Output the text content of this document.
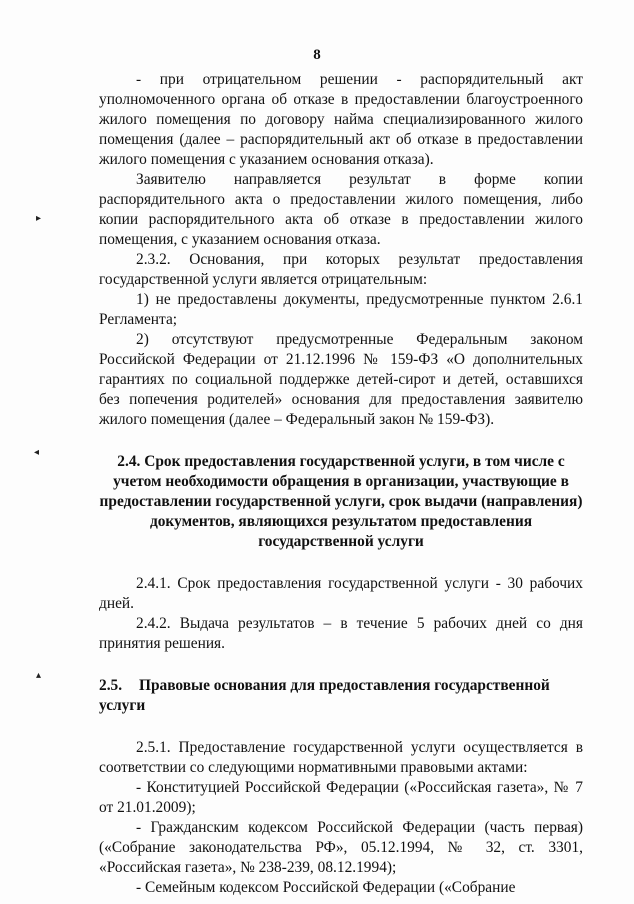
8
▸
◂
▴

- при отрицательном решении - распорядительный акт уполномоченного органа об отказе в предоставлении благоустроенного жилого помещения по договору найма специализированного жилого помещения (далее – распорядительный акт об отказе в предоставлении жилого помещения с указанием основания отказа).

Заявителю направляется результат в форме копии распорядительного акта о предоставлении жилого помещения, либо копии распорядительного акта об отказе в предоставлении жилого помещения, с указанием основания отказа.

2.3.2. Основания, при которых результат предоставления государственной услуги является отрицательным:

1) не предоставлены документы, предусмотренные пунктом 2.6.1 Регламента;

2) отсутствуют предусмотренные Федеральным законом Российской Федерации от 21.12.1996 № 159-ФЗ «О дополнительных гарантиях по социальной поддержке детей-сирот и детей, оставшихся без попечения родителей» основания для предоставления заявителю жилого помещения (далее – Федеральный закон № 159-ФЗ).

2.4. Срок предоставления государственной услуги, в том числе с учетом необходимости обращения в организации, участвующие в предоставлении государственной услуги, срок выдачи (направления) документов, являющихся результатом предоставления государственной услуги

2.4.1. Срок предоставления государственной услуги - 30 рабочих дней.

2.4.2. Выдача результатов – в течение 5 рабочих дней со дня принятия решения.

2.5. Правовые основания для предоставления государственной услуги

2.5.1. Предоставление государственной услуги осуществляется в соответствии со следующими нормативными правовыми актами:

- Конституцией Российской Федерации («Российская газета», № 7 от 21.01.2009);

- Гражданским кодексом Российской Федерации (часть первая) («Собрание законодательства РФ», 05.12.1994, № 32, ст. 3301, «Российская газета», № 238-239, 08.12.1994);

- Семейным кодексом Российской Федерации («Собрание
